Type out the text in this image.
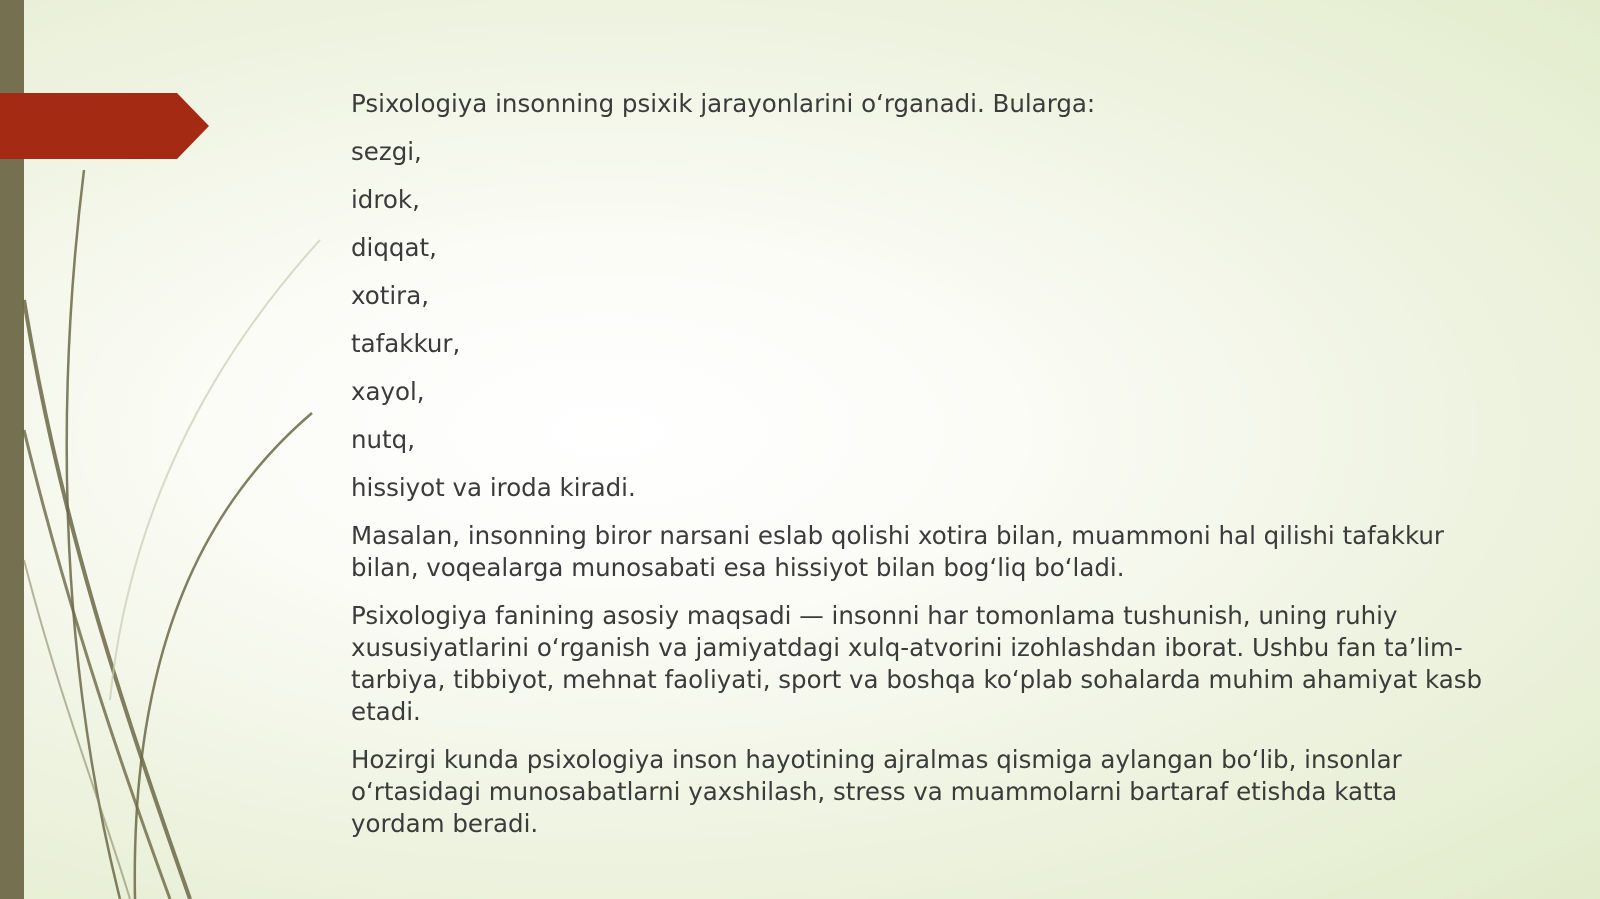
Psixologiya insonning psixik jarayonlarini o‘rganadi. Bularga:

sezgi,

idrok,

diqqat,

xotira,

tafakkur,

xayol,

nutq,

hissiyot va iroda kiradi.

Masalan, insonning biror narsani eslab qolishi xotira bilan, muammoni hal qilishi tafakkur bilan, voqealarga munosabati esa hissiyot bilan bog‘liq bo‘ladi.

Psixologiya fanining asosiy maqsadi — insonni har tomonlama tushunish, uning ruhiy xususiyatlarini o‘rganish va jamiyatdagi xulq-atvorini izohlashdan iborat. Ushbu fan ta’lim-tarbiya, tibbiyot, mehnat faoliyati, sport va boshqa ko‘plab sohalarda muhim ahamiyat kasb etadi.

Hozirgi kunda psixologiya inson hayotining ajralmas qismiga aylangan bo‘lib, insonlar o‘rtasidagi munosabatlarni yaxshilash, stress va muammolarni bartaraf etishda katta yordam beradi.
